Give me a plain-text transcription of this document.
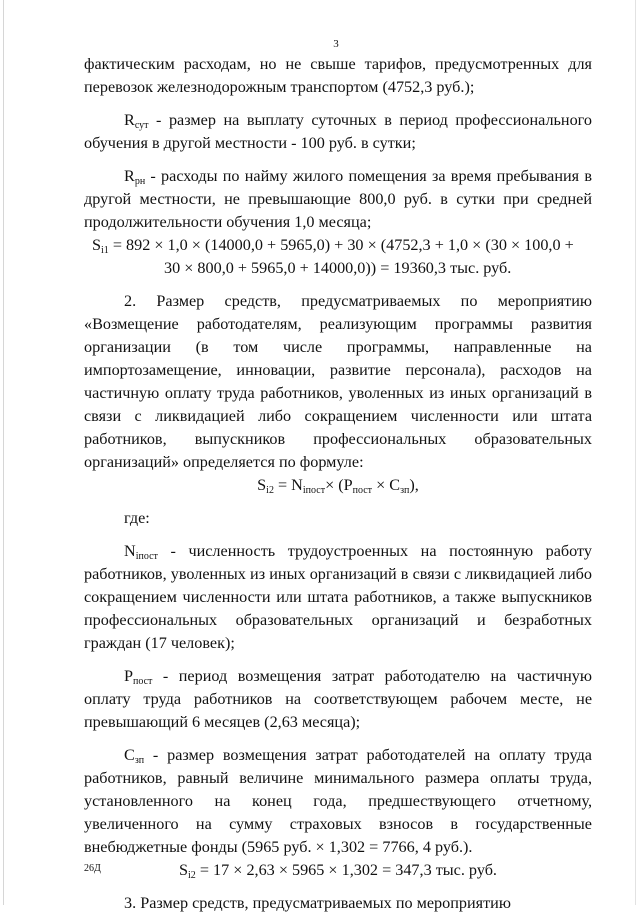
3

фактическим расходам, но не свыше тарифов, предусмотренных для перевозок железнодорожным транспортом (4752,3 руб.);

$R_{сут}$ - размер на выплату суточных в период профессионального обучения в другой местности - 100 руб. в сутки;

$R_{рн}$ - расходы по найму жилого помещения за время пребывания в другой местности, не превышающие 800,0 руб. в сутки при средней продолжительности обучения 1,0 месяца;

$S_{i1} = 892 \times 1,0 \times (14000,0 + 5965,0) + 30 \times (4752,3 + 1,0 \times (30 \times 100,0$ +
30 × 800,0 + 5965,0 + 14000,0)) = 19360,3 тыс. руб.

2. Размер средств, предусматриваемых по мероприятию «Возмещение работодателям, реализующим программы развития организации (в том числе программы, направленные на импортозамещение, инновации, развитие персонала), расходов на частичную оплату труда работников, уволенных из иных организаций в связи с ликвидацией либо сокращением численности или штата работников, выпускников профессиональных образовательных организаций» определяется по формуле:

$S_{i2} = N_{iпост}\times (P_{пост} \times C_{зп})$,

где:

$N_{iпост}$ - численность трудоустроенных на постоянную работу работников, уволенных из иных организаций в связи с ликвидацией либо сокращением численности или штата работников, а также выпускников профессиональных образовательных организаций и безработных граждан (17 человек);

$P_{пост}$ - период возмещения затрат работодателю на частичную оплату труда работников на соответствующем рабочем месте, не превышающий 6 месяцев (2,63 месяца);

$C_{зп}$ - размер возмещения затрат работодателей на оплату труда работников, равный величине минимального размера оплаты труда, установленного на конец года, предшествующего отчетному, увеличенного на сумму страховых взносов в государственные внебюджетные фонды (5965 руб. × 1,302 = 7766, 4 руб.).

$S_{i2} = 17 \times 2,63 \times 5965 \times 1,302 = 347,3$ тыс. руб.

3. Размер средств, предусматриваемых по мероприятию

26Д
